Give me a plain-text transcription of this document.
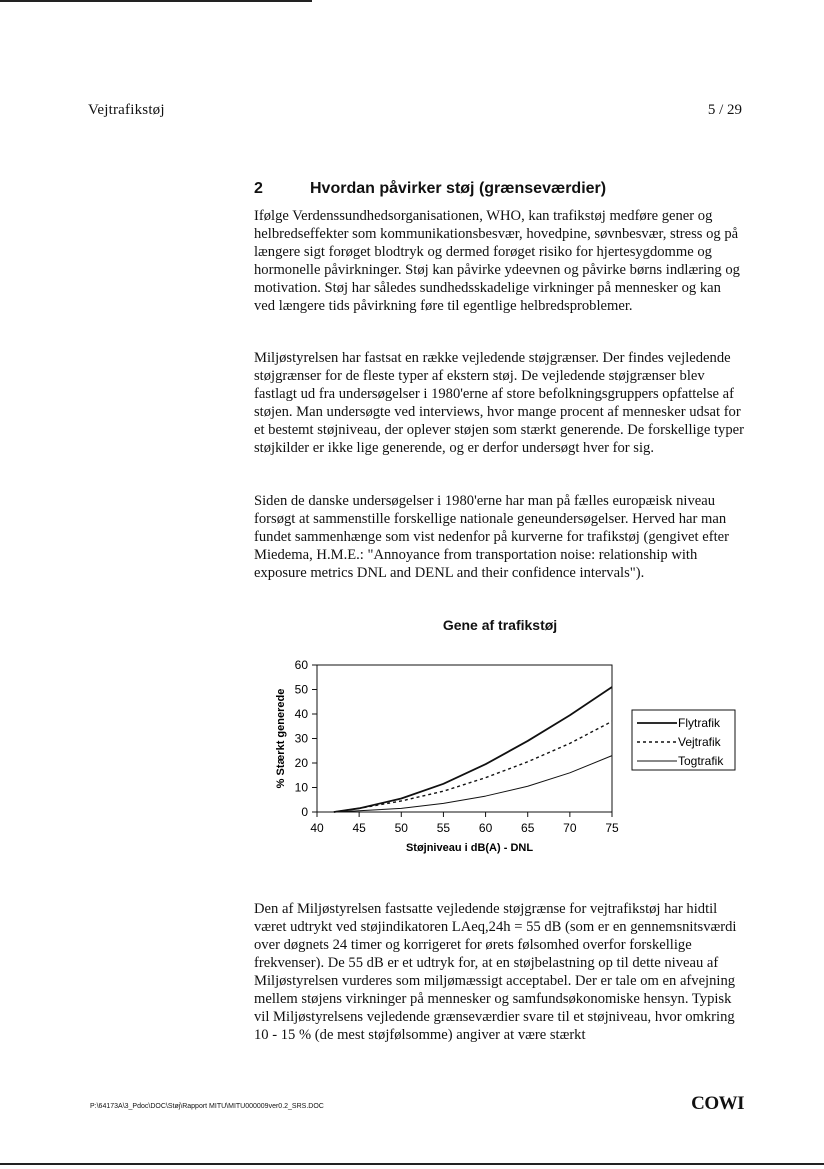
Vejtrafikstøj	5 / 29
2	Hvordan påvirker støj (grænseværdier)

Ifølge Verdenssundhedsorganisationen, WHO, kan trafikstøj medføre gener og helbredseffekter som kommunikationsbesvær, hovedpine, søvnbesvær, stress og på længere sigt forøget blodtryk og dermed forøget risiko for hjertesygdomme og hormonelle påvirkninger. Støj kan påvirke ydeevnen og påvirke børns indlæring og motivation. Støj har således sundhedsskadelige virkninger på mennesker og kan ved længere tids påvirkning føre til egentlige helbredsproblemer.

Miljøstyrelsen har fastsat en række vejledende støjgrænser. Der findes vejledende støjgrænser for de fleste typer af ekstern støj. De vejledende støjgrænser blev fastlagt ud fra undersøgelser i 1980'erne af store befolkningsgruppers opfattelse af støjen. Man undersøgte ved interviews, hvor mange procent af mennesker udsat for et bestemt støjniveau, der oplever støjen som stærkt generende. De forskellige typer støjkilder er ikke lige generende, og er derfor undersøgt hver for sig.

Siden de danske undersøgelser i 1980'erne har man på fælles europæisk niveau forsøgt at sammenstille forskellige nationale geneundersøgelser. Herved har man fundet sammenhænge som vist nedenfor på kurverne for trafikstøj (gengivet efter Miedema, H.M.E.: "Annoyance from transportation noise: relationship with exposure metrics DNL and DENL and their confidence intervals").

Gene af trafikstøj
0
10
20
30
40
50
60
40 45 50 55 60 65 70 75
Støjniveau i dB(A) - DNL
% Stærkt generede	Flytrafik
Vejtrafik
Togtrafik

Den af Miljøstyrelsen fastsatte vejledende støjgrænse for vejtrafikstøj har hidtil været udtrykt ved støjindikatoren LAeq,24h = 55 dB (som er en gennemsnitsværdi over døgnets 24 timer og korrigeret for ørets følsomhed overfor forskellige frekvenser). De 55 dB er et udtryk for, at en støjbelastning op til dette niveau af Miljøstyrelsen vurderes som miljømæssigt acceptabel. Der er tale om en afvejning mellem støjens virkninger på mennesker og samfundsøkonomiske hensyn. Typisk vil Miljøstyrelsens vejledende grænseværdier svare til et støjniveau, hvor omkring 10 - 15 % (de mest støjfølsomme) angiver at være stærkt

P:\64173A\3_Pdoc\DOC\Støj\Rapport MITU\MITU000009ver0.2_SRS.DOC	COWI
